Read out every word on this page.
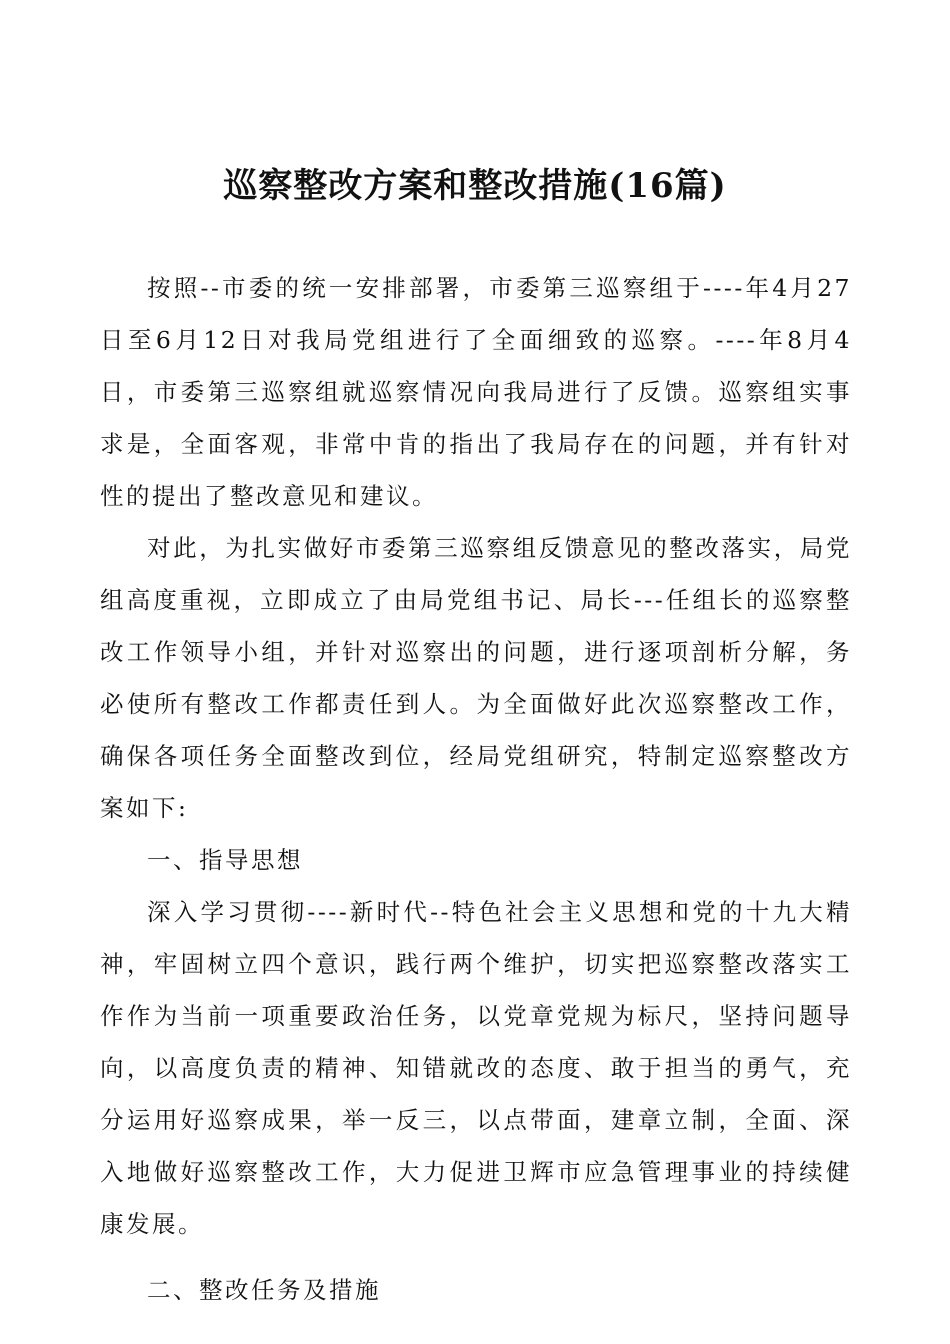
巡察整改方案和整改措施(16篇)

按照--市委的统一安排部署，市委第三巡察组于----年4月27日至6月12日对我局党组进行了全面细致的巡察。----年8月4日，市委第三巡察组就巡察情况向我局进行了反馈。巡察组实事求是，全面客观，非常中肯的指出了我局存在的问题，并有针对性的提出了整改意见和建议。

对此，为扎实做好市委第三巡察组反馈意见的整改落实，局党组高度重视，立即成立了由局党组书记、局长---任组长的巡察整改工作领导小组，并针对巡察出的问题，进行逐项剖析分解，务必使所有整改工作都责任到人。为全面做好此次巡察整改工作，确保各项任务全面整改到位，经局党组研究，特制定巡察整改方案如下:

一、指导思想

深入学习贯彻----新时代--特色社会主义思想和党的十九大精神，牢固树立四个意识，践行两个维护，切实把巡察整改落实工作作为当前一项重要政治任务，以党章党规为标尺，坚持问题导向，以高度负责的精神、知错就改的态度、敢于担当的勇气，充分运用好巡察成果，举一反三，以点带面，建章立制，全面、深入地做好巡察整改工作，大力促进卫辉市应急管理事业的持续健康发展。

二、整改任务及措施
